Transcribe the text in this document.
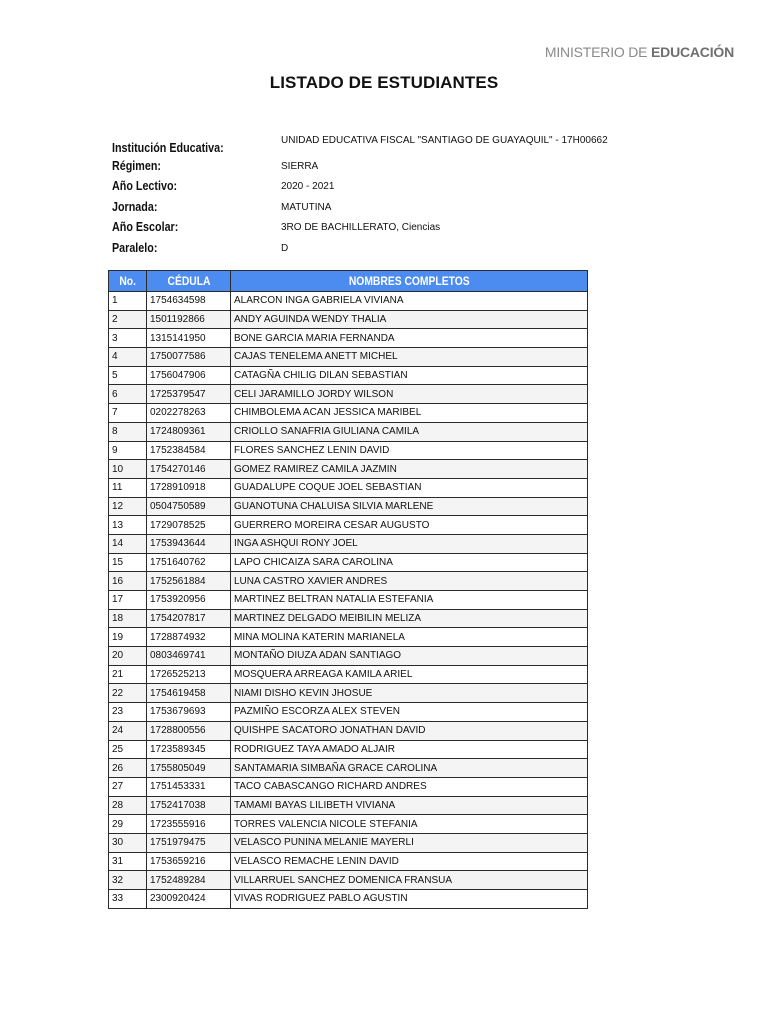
MINISTERIO DE EDUCACIÓN
LISTADO DE ESTUDIANTES
Institución Educativa:
UNIDAD EDUCATIVA FISCAL "SANTIAGO DE GUAYAQUIL" - 17H00662
Régimen:	SIERRA
Año Lectivo:	2020 - 2021
Jornada:	MATUTINA
Año Escolar:	3RO DE BACHILLERATO, Ciencias
Paralelo:	D
No.	CÉDULA	NOMBRES COMPLETOS
1	1754634598	ALARCON INGA GABRIELA VIVIANA
2	1501192866	ANDY AGUINDA WENDY THALIA
3	1315141950	BONE GARCIA MARIA FERNANDA
4	1750077586	CAJAS TENELEMA ANETT MICHEL
5	1756047906	CATAGÑA CHILIG DILAN SEBASTIAN
6	1725379547	CELI JARAMILLO JORDY WILSON
7	0202278263	CHIMBOLEMA ACAN JESSICA MARIBEL
8	1724809361	CRIOLLO SANAFRIA GIULIANA CAMILA
9	1752384584	FLORES SANCHEZ LENIN DAVID
10	1754270146	GOMEZ RAMIREZ CAMILA JAZMIN
11	1728910918	GUADALUPE COQUE JOEL SEBASTIAN
12	0504750589	GUANOTUNA CHALUISA SILVIA MARLENE
13	1729078525	GUERRERO MOREIRA CESAR AUGUSTO
14	1753943644	INGA ASHQUI RONY JOEL
15	1751640762	LAPO CHICAIZA SARA CAROLINA
16	1752561884	LUNA CASTRO XAVIER ANDRES
17	1753920956	MARTINEZ BELTRAN NATALIA ESTEFANIA
18	1754207817	MARTINEZ DELGADO MEIBILIN MELIZA
19	1728874932	MINA MOLINA KATERIN MARIANELA
20	0803469741	MONTAÑO DIUZA ADAN SANTIAGO
21	1726525213	MOSQUERA ARREAGA KAMILA ARIEL
22	1754619458	NIAMI DISHO KEVIN JHOSUE
23	1753679693	PAZMIÑO ESCORZA ALEX STEVEN
24	1728800556	QUISHPE SACATORO JONATHAN DAVID
25	1723589345	RODRIGUEZ TAYA AMADO ALJAIR
26	1755805049	SANTAMARIA SIMBAÑA GRACE CAROLINA
27	1751453331	TACO CABASCANGO RICHARD ANDRES
28	1752417038	TAMAMI BAYAS LILIBETH VIVIANA
29	1723555916	TORRES VALENCIA NICOLE STEFANIA
30	1751979475	VELASCO PUNINA MELANIE MAYERLI
31	1753659216	VELASCO REMACHE LENIN DAVID
32	1752489284	VILLARRUEL SANCHEZ DOMENICA FRANSUA
33	2300920424	VIVAS RODRIGUEZ PABLO AGUSTIN
